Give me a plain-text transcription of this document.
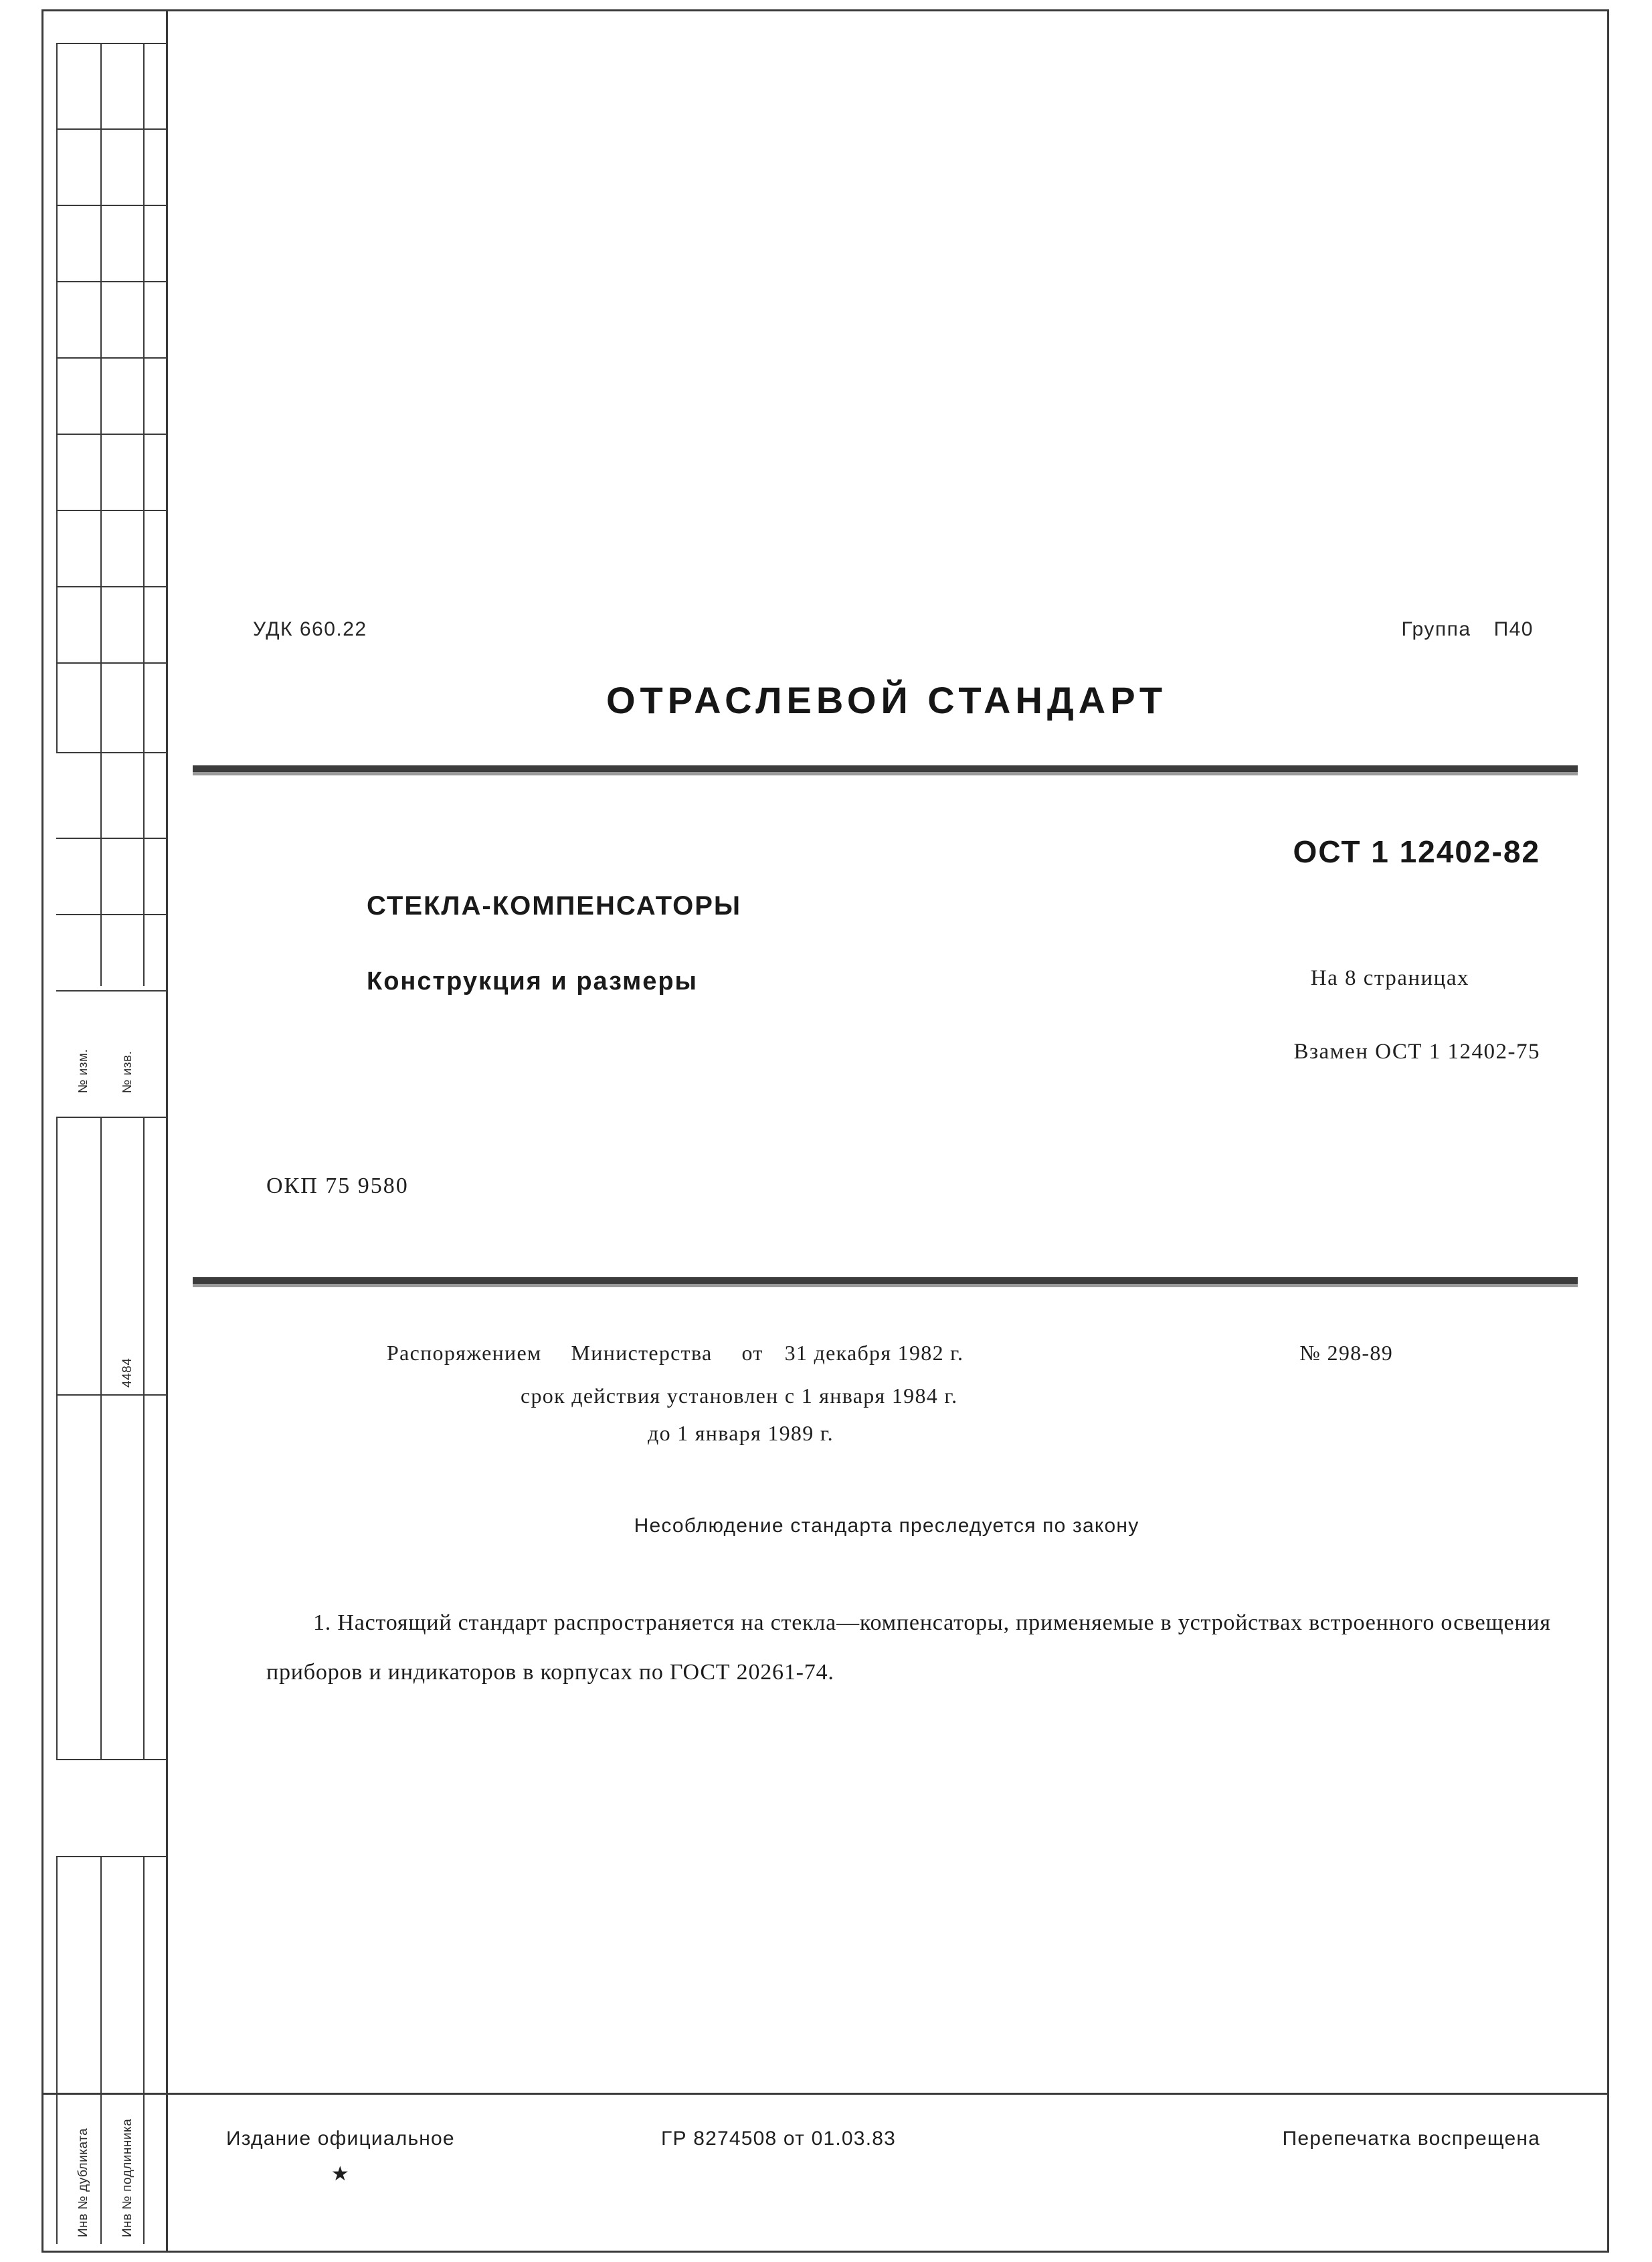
№ изм. № изв.
4484
Инв № дубликата Инв № подлинника
УДК 660.22	Группа П40
ОТРАСЛЕВОЙ СТАНДАРТ
ОСТ 1 12402-82
СТЕКЛА-КОМПЕНСАТОРЫ
Конструкция и размеры	На 8 страницах
Взамен ОСТ 1 12402-75
ОКП 75 9580
Распоряжением Министерства от 31 декабря 1982 г.	№ 298-89
срок действия установлен с 1 января 1984 г.
до 1 января 1989 г.
Несоблюдение стандарта преследуется по закону
1. Настоящий стандарт распространяется на стекла—компенсаторы, применяемые в устройствах встроенного освещения приборов и индикаторов в корпусах по ГОСТ 20261-74.
Издание официальное
★
ГР 8274508 от 01.03.83	Перепечатка воспрещена
